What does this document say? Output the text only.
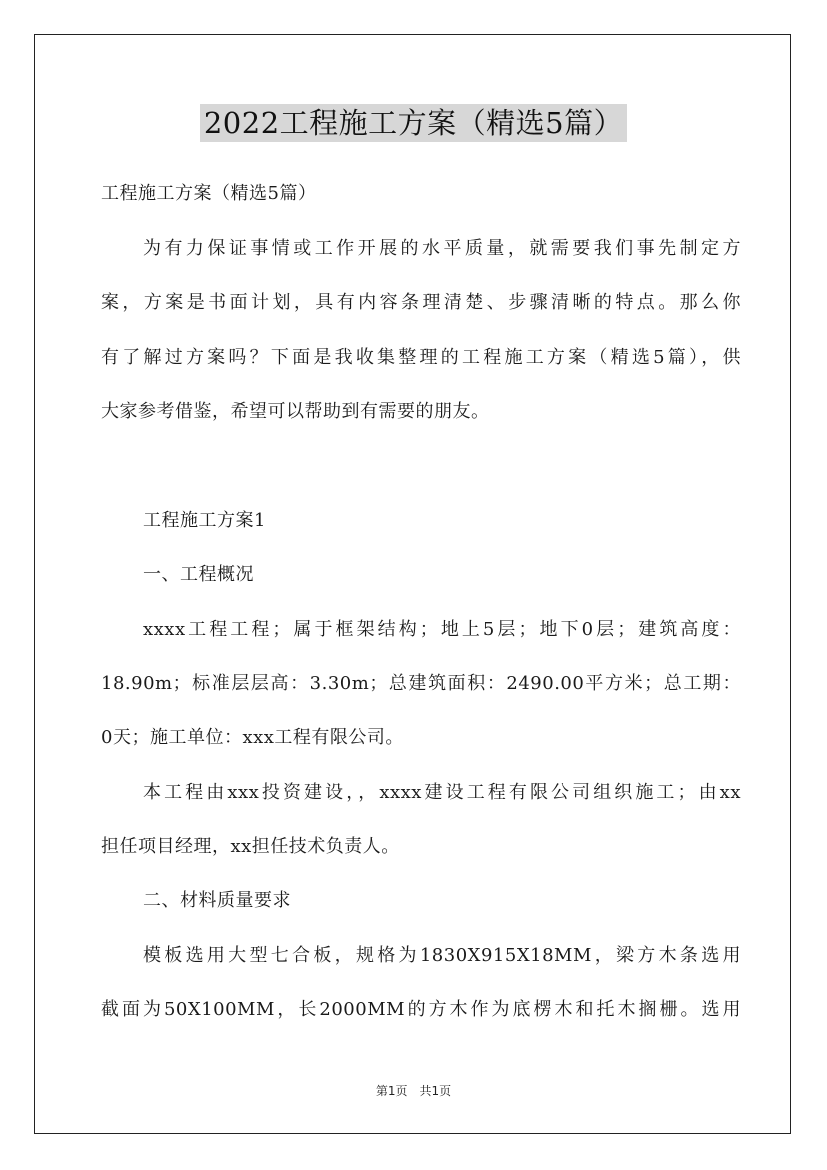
2022工程施工方案（精选5篇）
工程施工方案（精选5篇）
为有力保证事情或工作开展的水平质量，就需要我们事先制定方
案，方案是书面计划，具有内容条理清楚、步骤清晰的特点。那么你
有了解过方案吗？下面是我收集整理的工程施工方案（精选5篇），供
大家参考借鉴，希望可以帮助到有需要的朋友。
工程施工方案1
一、工程概况
xxxx工程工程；属于框架结构；地上5层；地下0层；建筑高度：
18.90m；标准层层高：3.30m；总建筑面积：2490.00平方米；总工期：
0天；施工单位：xxx工程有限公司。
本工程由xxx投资建设，，xxxx建设工程有限公司组织施工；由xx
担任项目经理，xx担任技术负责人。
二、材料质量要求
模板选用大型七合板，规格为1830X915X18MM，梁方木条选用
截面为50X100MM，长2000MM的方木作为底楞木和托木搁栅。选用
第1页　共1页
